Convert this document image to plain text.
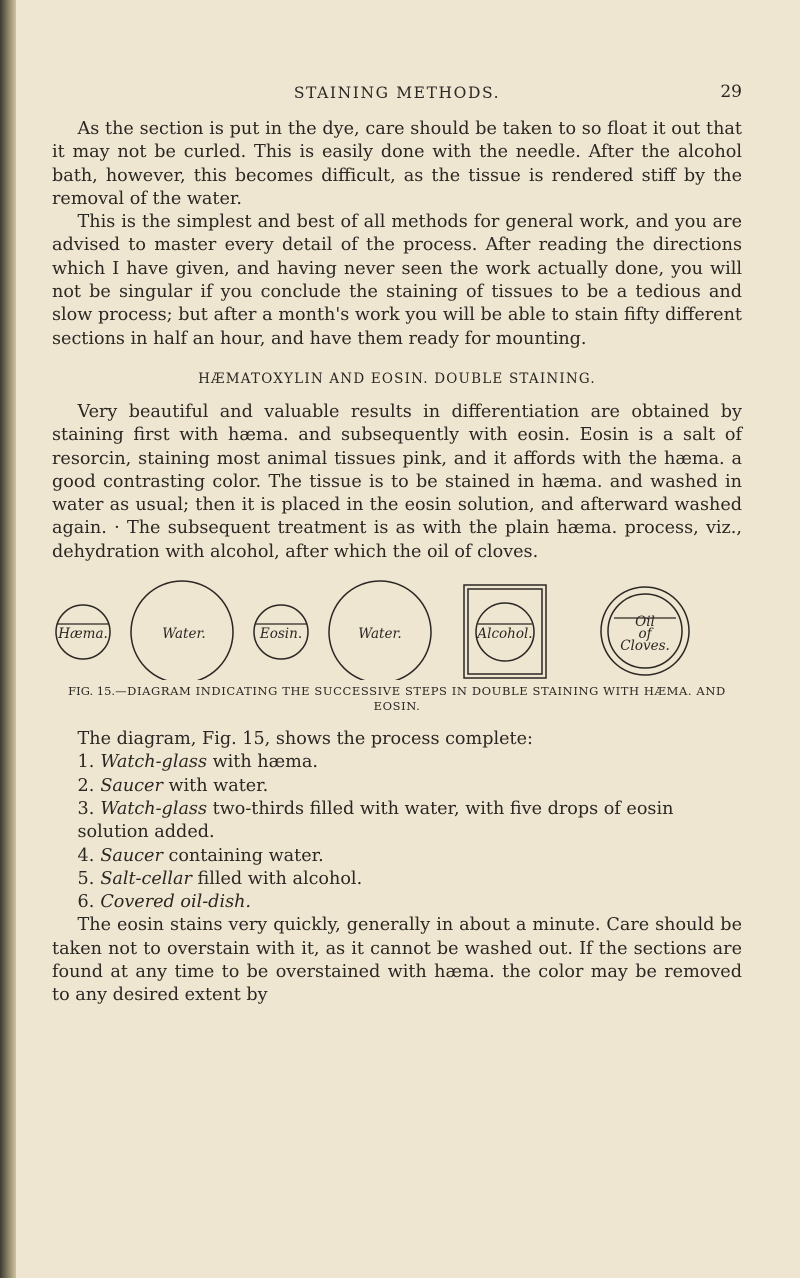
STAINING METHODS.	29

As the section is put in the dye, care should be taken to so float it out that it may not be curled. This is easily done with the needle. After the alcohol bath, however, this becomes difficult, as the tissue is rendered stiff by the removal of the water.

This is the simplest and best of all methods for general work, and you are advised to master every detail of the process. After reading the directions which I have given, and having never seen the work actually done, you will not be singular if you conclude the staining of tissues to be a tedious and slow process; but after a month's work you will be able to stain fifty different sections in half an hour, and have them ready for mounting.

HÆMATOXYLIN AND EOSIN. DOUBLE STAINING.

Very beautiful and valuable results in differentiation are obtained by staining first with hæma. and subsequently with eosin. Eosin is a salt of resorcin, staining most animal tissues pink, and it affords with the hæma. a good contrasting color. The tissue is to be stained in hæma. and washed in water as usual; then it is placed in the eosin solution, and afterward washed again. · The subsequent treatment is as with the plain hæma. process, viz., dehydration with alcohol, after which the oil of cloves.

Hæma.	Water.	Eosin.	Water.	Alcohol.
Oil
of
Cloves.
FIG. 15.—DIAGRAM INDICATING THE SUCCESSIVE STEPS IN DOUBLE STAINING WITH HÆMA. AND EOSIN.

The diagram, Fig. 15, shows the process complete:

1. Watch-glass with hæma.
2. Saucer with water.
3. Watch-glass two-thirds filled with water, with five drops of eosin solution added.
4. Saucer containing water.
5. Salt-cellar filled with alcohol.
6. Covered oil-dish.

The eosin stains very quickly, generally in about a minute. Care should be taken not to overstain with it, as it cannot be washed out. If the sections are found at any time to be overstained with hæma. the color may be removed to any desired extent by
